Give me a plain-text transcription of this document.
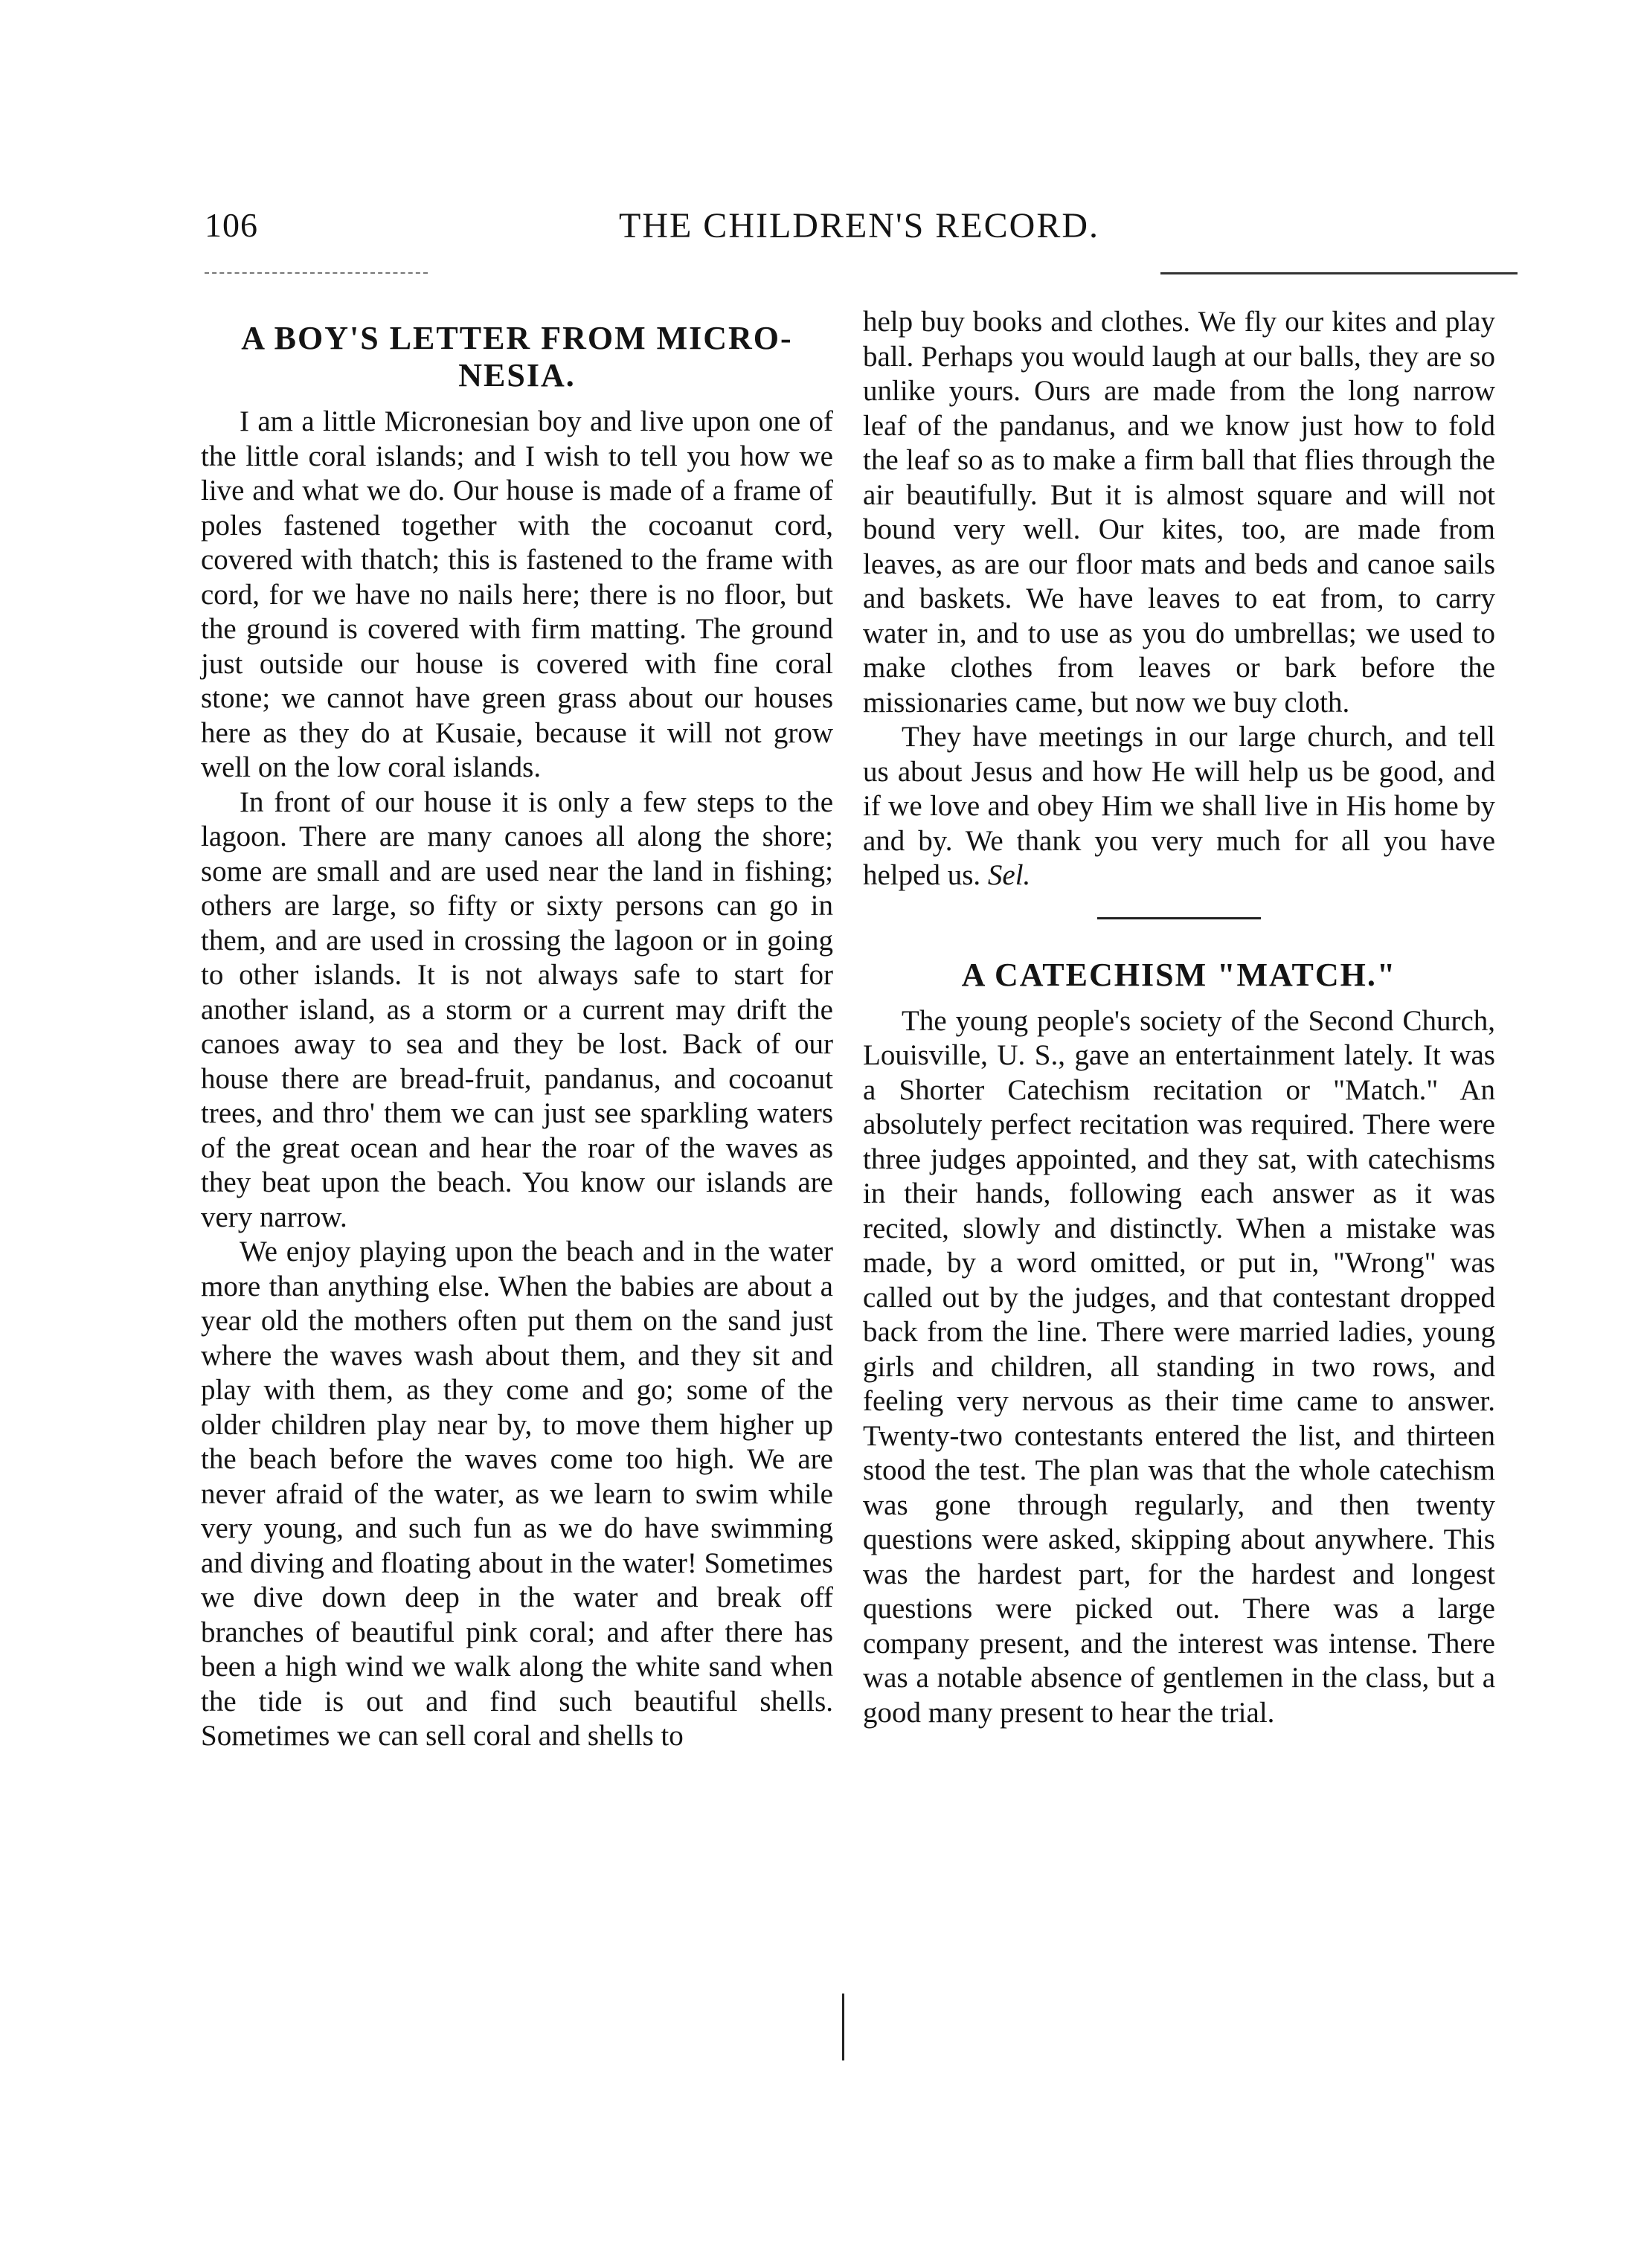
106	THE CHILDREN'S RECORD.
A BOY'S LETTER FROM MICRO-
NESIA.

I am a little Micronesian boy and live upon one of the little coral islands; and I wish to tell you how we live and what we do. Our house is made of a frame of poles fastened together with the cocoanut cord, covered with thatch; this is fastened to the frame with cord, for we have no nails here; there is no floor, but the ground is covered with firm matting. The ground just outside our house is covered with fine coral stone; we cannot have green grass about our houses here as they do at Kusaie, because it will not grow well on the low coral islands.

In front of our house it is only a few steps to the lagoon. There are many canoes all along the shore; some are small and are used near the land in fishing; others are large, so fifty or sixty persons can go in them, and are used in crossing the lagoon or in going to other islands. It is not always safe to start for another island, as a storm or a current may drift the canoes away to sea and they be lost. Back of our house there are bread-fruit, pandanus, and cocoanut trees, and thro' them we can just see sparkling waters of the great ocean and hear the roar of the waves as they beat upon the beach. You know our islands are very narrow.

We enjoy playing upon the beach and in the water more than anything else. When the babies are about a year old the mothers often put them on the sand just where the waves wash about them, and they sit and play with them, as they come and go; some of the older children play near by, to move them higher up the beach before the waves come too high. We are never afraid of the water, as we learn to swim while very young, and such fun as we do have swimming and diving and floating about in the water! Sometimes we dive down deep in the water and break off branches of beautiful pink coral; and after there has been a high wind we walk along the white sand when the tide is out and find such beautiful shells. Sometimes we can sell coral and shells to

help buy books and clothes. We fly our kites and play ball. Perhaps you would laugh at our balls, they are so unlike yours. Ours are made from the long narrow leaf of the pandanus, and we know just how to fold the leaf so as to make a firm ball that flies through the air beautifully. But it is almost square and will not bound very well. Our kites, too, are made from leaves, as are our floor mats and beds and canoe sails and baskets. We have leaves to eat from, to carry water in, and to use as you do umbrellas; we used to make clothes from leaves or bark before the missionaries came, but now we buy cloth.

They have meetings in our large church, and tell us about Jesus and how He will help us be good, and if we love and obey Him we shall live in His home by and by. We thank you very much for all you have helped us. Sel.

A CATECHISM "MATCH."

The young people's society of the Second Church, Louisville, U. S., gave an entertainment lately. It was a Shorter Catechism recitation or "Match." An absolutely perfect recitation was required. There were three judges appointed, and they sat, with catechisms in their hands, following each answer as it was recited, slowly and distinctly. When a mistake was made, by a word omitted, or put in, "Wrong" was called out by the judges, and that contestant dropped back from the line. There were married ladies, young girls and children, all standing in two rows, and feeling very nervous as their time came to answer. Twenty-two contestants entered the list, and thirteen stood the test. The plan was that the whole catechism was gone through regularly, and then twenty questions were asked, skipping about anywhere. This was the hardest part, for the hardest and longest questions were picked out. There was a large company present, and the interest was intense. There was a notable absence of gentlemen in the class, but a good many present to hear the trial.
